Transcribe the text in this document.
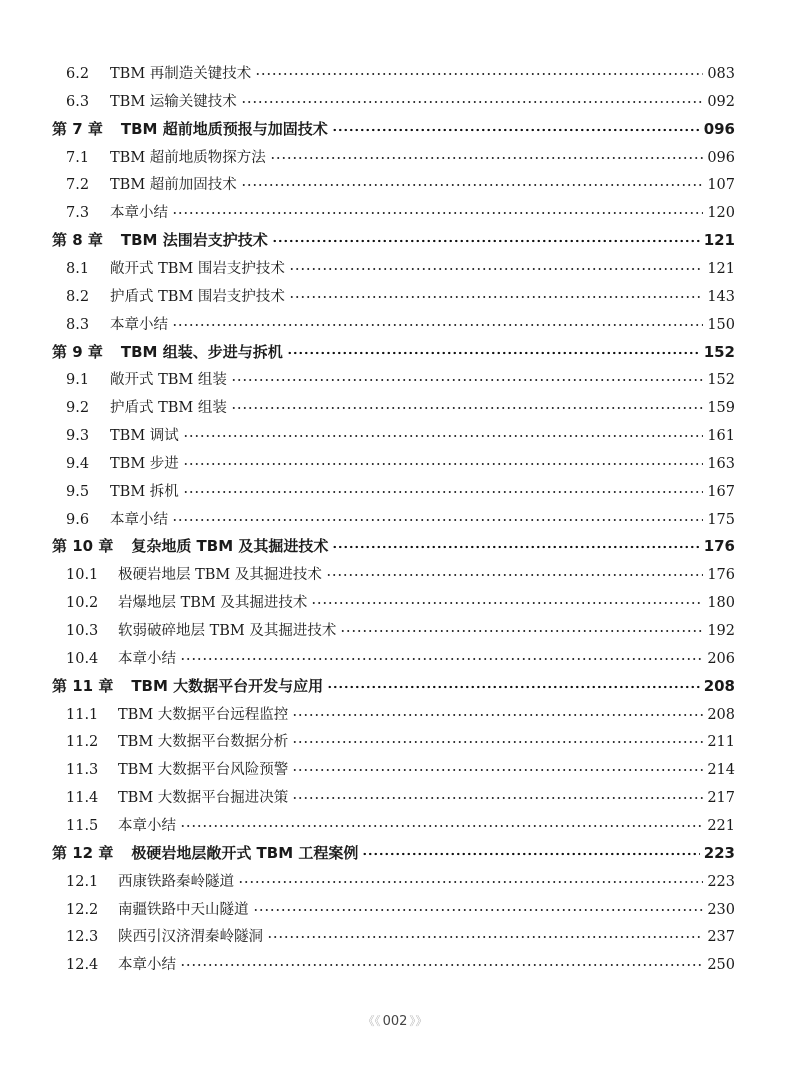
6.2	TBM 再制造关键技术	083
6.3	TBM 运输关键技术	092
第 7 章 TBM 超前地质预报与加固技术	096
7.1	TBM 超前地质物探方法	096
7.2	TBM 超前加固技术	107
7.3	本章小结	120
第 8 章 TBM 法围岩支护技术	121
8.1	敞开式 TBM 围岩支护技术	121
8.2	护盾式 TBM 围岩支护技术	143
8.3	本章小结	150
第 9 章 TBM 组装、步进与拆机	152
9.1	敞开式 TBM 组装	152
9.2	护盾式 TBM 组装	159
9.3	TBM 调试	161
9.4	TBM 步进	163
9.5	TBM 拆机	167
9.6	本章小结	175
第 10 章 复杂地质 TBM 及其掘进技术	176
10.1	极硬岩地层 TBM 及其掘进技术	176
10.2	岩爆地层 TBM 及其掘进技术	180
10.3	软弱破碎地层 TBM 及其掘进技术	192
10.4	本章小结	206
第 11 章 TBM 大数据平台开发与应用	208
11.1	TBM 大数据平台远程监控	208
11.2	TBM 大数据平台数据分析	211
11.3	TBM 大数据平台风险预警	214
11.4	TBM 大数据平台掘进决策	217
11.5	本章小结	221
第 12 章 极硬岩地层敞开式 TBM 工程案例	223
12.1	西康铁路秦岭隧道	223
12.2	南疆铁路中天山隧道	230
12.3	陕西引汉济渭秦岭隧洞	237
12.4	本章小结	250
《《 002 》》
